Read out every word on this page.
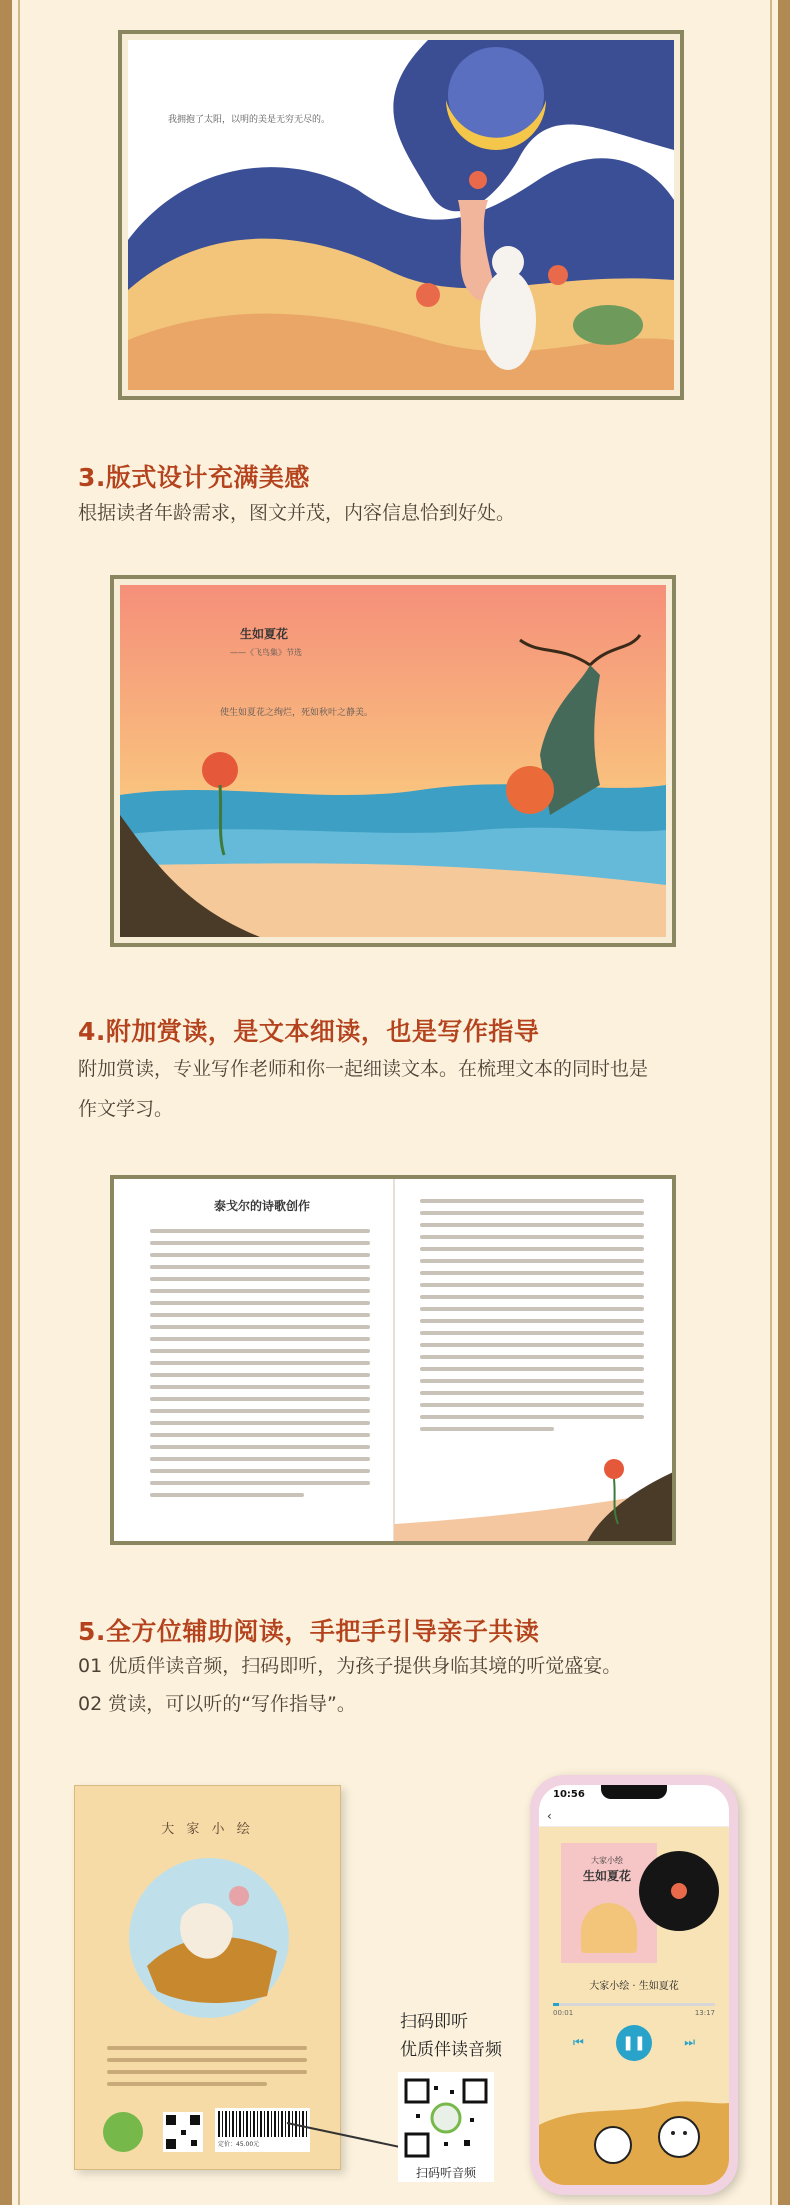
我拥抱了太阳，以明的美是无穷无尽的。
3.版式设计充满美感

根据读者年龄需求，图文并茂，内容信息恰到好处。

生如夏花
——《飞鸟集》节选
使生如夏花之绚烂，死如秋叶之静美。
4.附加赏读，是文本细读，也是写作指导

附加赏读，专业写作老师和你一起细读文本。在梳理文本的同时也是

作文学习。

泰戈尔的诗歌创作
5.全方位辅助阅读，手把手引导亲子共读

01 优质伴读音频，扫码即听，为孩子提供身临其境的听觉盛宴。

02 赏读，可以听的“写作指导”。

大 家 小 绘
定价：45.00元
扫码即听
优质伴读音频
扫码听音频
10:56
‹
大家小绘
生如夏花
大家小绘 · 生如夏花
00:01	13:17
❚❚
⏮	⏭
